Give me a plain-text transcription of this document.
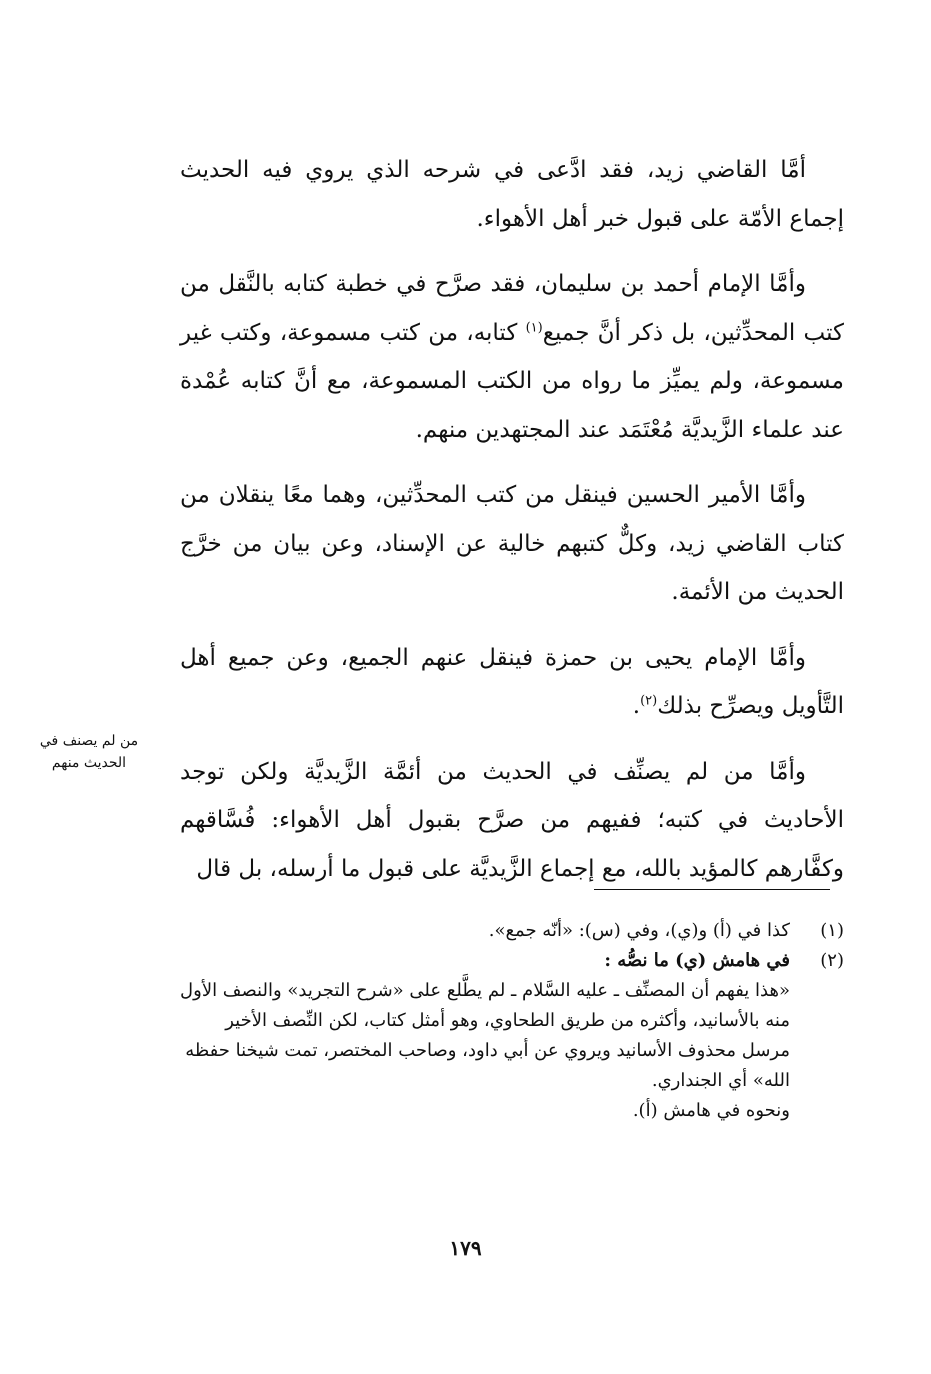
أمَّا القاضي زيد، فقد ادَّعى في شرحه الذي يروي فيه الحديث إجماع الأمّة على قبول خبر أهل الأهواء.

وأمَّا الإمام أحمد بن سليمان، فقد صرَّح في خطبة كتابه بالنَّقل من كتب المحدِّثين، بل ذكر أنَّ جميع$^{(١)}$ كتابه، من كتب مسموعة، وكتب غير مسموعة، ولم يميِّز ما رواه من الكتب المسموعة، مع أنَّ كتابه عُمْدة عند علماء الزَّيديَّة مُعْتَمَد عند المجتهدين منهم.

وأمَّا الأمير الحسين فينقل من كتب المحدِّثين، وهما معًا ينقلان من كتاب القاضي زيد، وكلٌّ كتبهم خالية عن الإسناد، وعن بيان من خرَّج الحديث من الأئمة.

وأمَّا الإمام يحيى بن حمزة فينقل عنهم الجميع، وعن جميع أهل التَّأويل ويصرِّح بذلك$^{(٢)}$.

وأمَّا من لم يصنِّف في الحديث من أئمَّة الزَّيديَّة ولكن توجد الأحاديث في كتبه؛ ففيهم من صرَّح بقبول أهل الأهواء: فُسَّاقهم وكفَّارهم كالمؤيد بالله، مع إجماع الزَّيديَّة على قبول ما أرسله، بل قال

من لم يصنف في
الحديث منهم
(١)
كذا في (أ) و(ي)، وفي (س): «أنّه جمع».
(٢)
في هامش (ي) ما نصُّه :
«هذا يفهم أن المصنِّف ـ عليه السَّلام ـ لم يطَّلع على «شرح التجريد» والنصف الأول منه بالأسانيد، وأكثره من طريق الطحاوي، وهو أمثل كتاب، لكن النِّصف الأخير مرسل محذوف الأسانيد ويروي عن أبي داود، وصاحب المختصر، تمت شيخنا حفظه الله» أي الجنداري.
ونحوه في هامش (أ).
١٧٩
